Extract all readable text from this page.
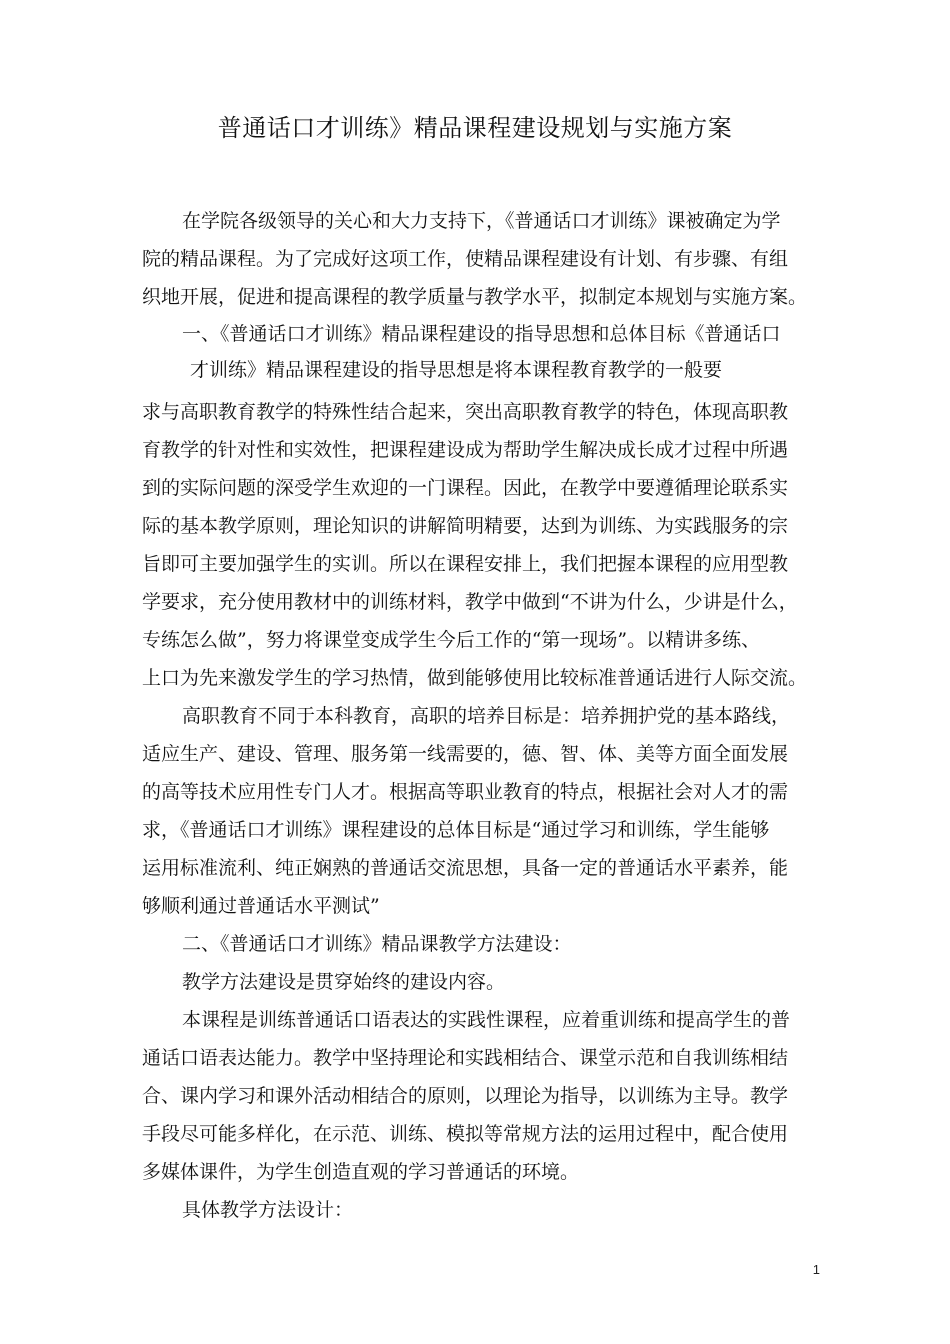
普通话口才训练》精品课程建设规划与实施方案
在学院各级领导的关心和大力支持下，《普通话口才训练》课被确定为学
院的精品课程。为了完成好这项工作，使精品课程建设有计划、有步骤、有组
织地开展，促进和提高课程的教学质量与教学水平，拟制定本规划与实施方案。
一、《普通话口才训练》精品课程建设的指导思想和总体目标《普通话口
才训练》精品课程建设的指导思想是将本课程教育教学的一般要
求与高职教育教学的特殊性结合起来，突出高职教育教学的特色，体现高职教
育教学的针对性和实效性，把课程建设成为帮助学生解决成长成才过程中所遇
到的实际问题的深受学生欢迎的一门课程。因此，在教学中要遵循理论联系实
际的基本教学原则，理论知识的讲解简明精要，达到为训练、为实践服务的宗
旨即可主要加强学生的实训。所以在课程安排上，我们把握本课程的应用型教
学要求，充分使用教材中的训练材料，教学中做到“不讲为什么，少讲是什么，
专练怎么做”，努力将课堂变成学生今后工作的“第一现场”。以精讲多练、
上口为先来激发学生的学习热情，做到能够使用比较标准普通话进行人际交流。
高职教育不同于本科教育，高职的培养目标是：培养拥护党的基本路线，
适应生产、建设、管理、服务第一线需要的，德、智、体、美等方面全面发展
的高等技术应用性专门人才。根据高等职业教育的特点，根据社会对人才的需
求，《普通话口才训练》课程建设的总体目标是“通过学习和训练，学生能够
运用标准流利、纯正娴熟的普通话交流思想，具备一定的普通话水平素养，能
够顺利通过普通话水平测试”
二、《普通话口才训练》精品课教学方法建设：
教学方法建设是贯穿始终的建设内容。
本课程是训练普通话口语表达的实践性课程，应着重训练和提高学生的普
通话口语表达能力。教学中坚持理论和实践相结合、课堂示范和自我训练相结
合、课内学习和课外活动相结合的原则，以理论为指导，以训练为主导。教学
手段尽可能多样化，在示范、训练、模拟等常规方法的运用过程中，配合使用
多媒体课件，为学生创造直观的学习普通话的环境。
具体教学方法设计：
1
